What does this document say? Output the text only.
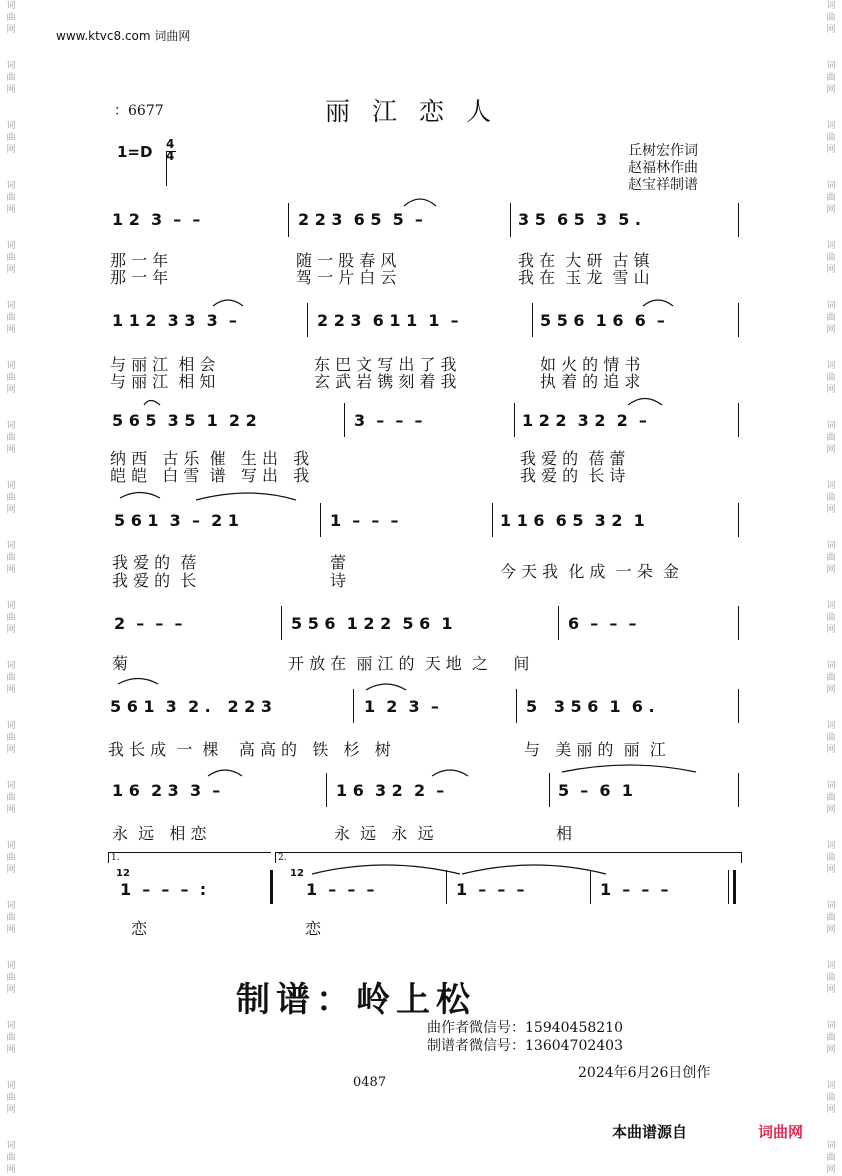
词
曲
网
词
曲
网
词
曲
网
词
曲
网
词
曲
网
词
曲
网
词
曲
网
词
曲
网
词
曲
网
词
曲
网
词
曲
网
词
曲
网
词
曲
网
词
曲
网
词
曲
网
词
曲
网
词
曲
网
词
曲
网
词
曲
网
词
曲
网
词
曲
网
词
曲
网
词
曲
网
词
曲
网
词
曲
网
词
曲
网
词
曲
网
词
曲
网
词
曲
网
词
曲
网
词
曲
网
词
曲
网
词
曲
网
词
曲
网
词
曲
网
词
曲
网
词
曲
网
词
曲
网
词
曲
网
词
曲
网
www.ktvc8.com 词曲网
：6677	丽江恋人
1=D 4
4	丘树宏作词
赵福林作曲
赵宝祥制谱
1 2  3  –  –	2 2 3  6 5  5  –	3 5  6 5  3  5 .
那 一 年	随 一 股 春 风	我 在  大 研  古 镇
那 一 年	驾 一 片 白 云	我 在  玉 龙  雪 山
1 1 2  3 3  3  –	2 2 3  6 1 1  1  –	5 5 6  1 6  6  –
与 丽 江  相 会	东 巴 文 写 出 了 我	如 火 的 情 书
与 丽 江  相 知	玄 武 岩 镌 刻 着 我	执 着 的 追 求
5 6 5  3 5  1  2 2	3  –  –  –	1 2 2  3 2  2  –
纳 西   古 乐  催   生 出   我	我 爱 的  蓓 蕾
皑 皑   白 雪  谱   写 出   我	我 爱 的  长 诗
5 6 1  3  –  2 1	1  –  –  –	1 1 6  6 5  3 2  1
我 爱 的  蓓	蕾	今 天 我  化 成  一 朵  金
我 爱 的  长	诗
2  –  –  –	5 5 6  1 2 2  5 6  1	6  –  –  –
菊	开 放 在  丽 江 的  天 地  之     间
5 6 1  3  2 .   2 2 3	1  2  3  –	5   3 5 6  1  6 .
我 长 成  一  棵    高 高 的   铁   杉   树	与   美 丽 的  丽  江
1 6  2 3  3  –	1 6  3 2  2  –	5  –  6  1
永  远   相 恋	永  远   永  远	相
1.	2.
12
1  –  –  –  :
12
1  –  –  –	1  –  –  –	1  –  –  –
恋	恋
制谱：岭上松
曲作者微信号：15940458210
制谱者微信号：13604702403
2024年6月26日创作
0487
本曲谱源自	词曲网
